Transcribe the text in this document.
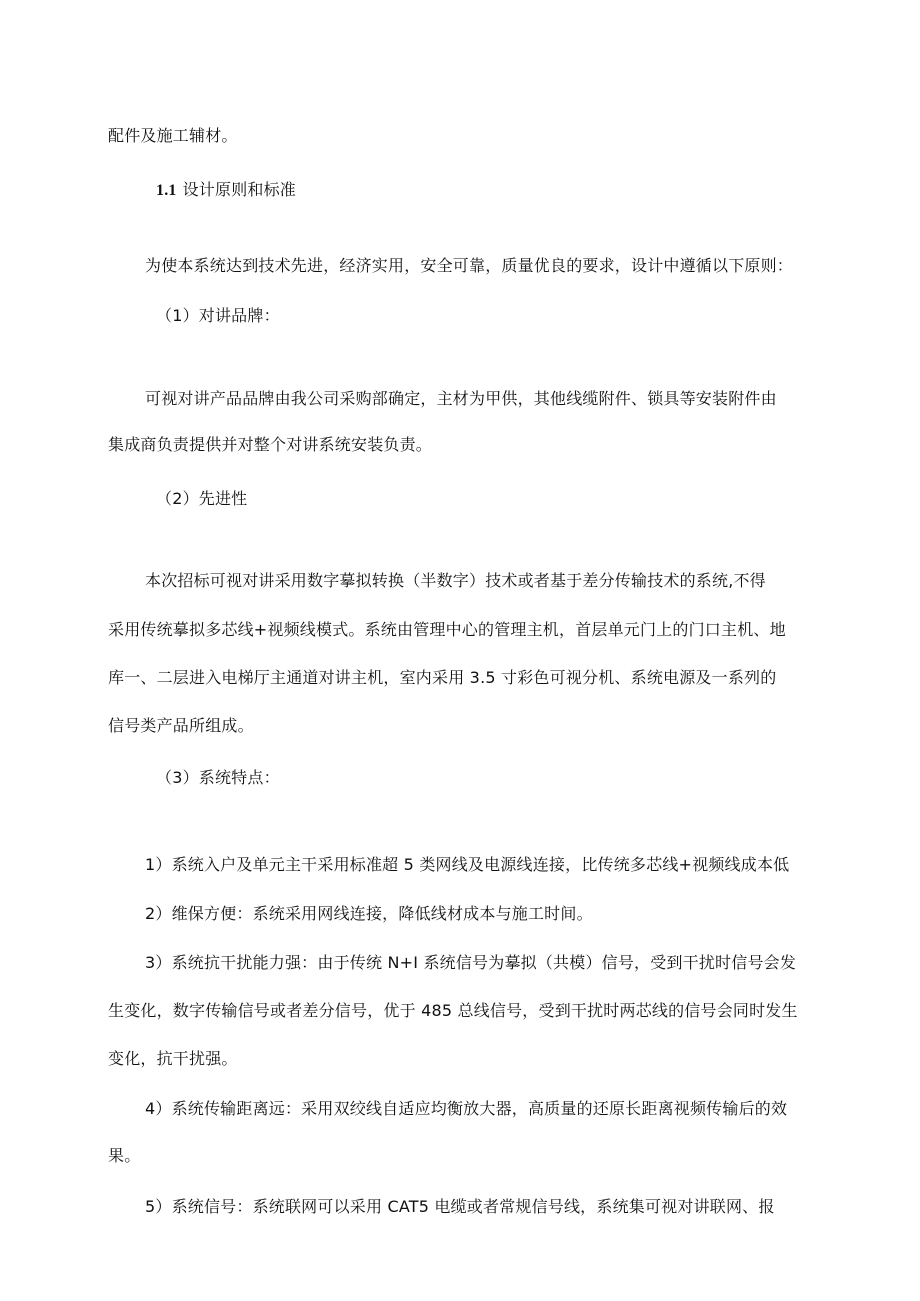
配件及施工辅材。
1.1 设计原则和标准
为使本系统达到技术先进，经济实用，安全可靠，质量优良的要求，设计中遵循以下原则：
（1）对讲品牌：
可视对讲产品品牌由我公司采购部确定，主材为甲供，其他线缆附件、锁具等安装附件由
集成商负责提供并对整个对讲系统安装负责。
（2）先进性
本次招标可视对讲采用数字摹拟转换（半数字）技术或者基于差分传输技术的系统,不得
采用传统摹拟多芯线+视频线模式。系统由管理中心的管理主机，首层单元门上的门口主机、地
库一、二层进入电梯厅主通道对讲主机，室内采用 3.5 寸彩色可视分机、系统电源及一系列的
信号类产品所组成。
（3）系统特点：
1）系统入户及单元主干采用标准超 5 类网线及电源线连接，比传统多芯线+视频线成本低
2）维保方便：系统采用网线连接，降低线材成本与施工时间。
3）系统抗干扰能力强：由于传统 N+I 系统信号为摹拟（共模）信号，受到干扰时信号会发
生变化，数字传输信号或者差分信号，优于 485 总线信号，受到干扰时两芯线的信号会同时发生
变化，抗干扰强。
4）系统传输距离远：采用双绞线自适应均衡放大器，高质量的还原长距离视频传输后的效
果。
5）系统信号：系统联网可以采用 CAT5 电缆或者常规信号线，系统集可视对讲联网、报
